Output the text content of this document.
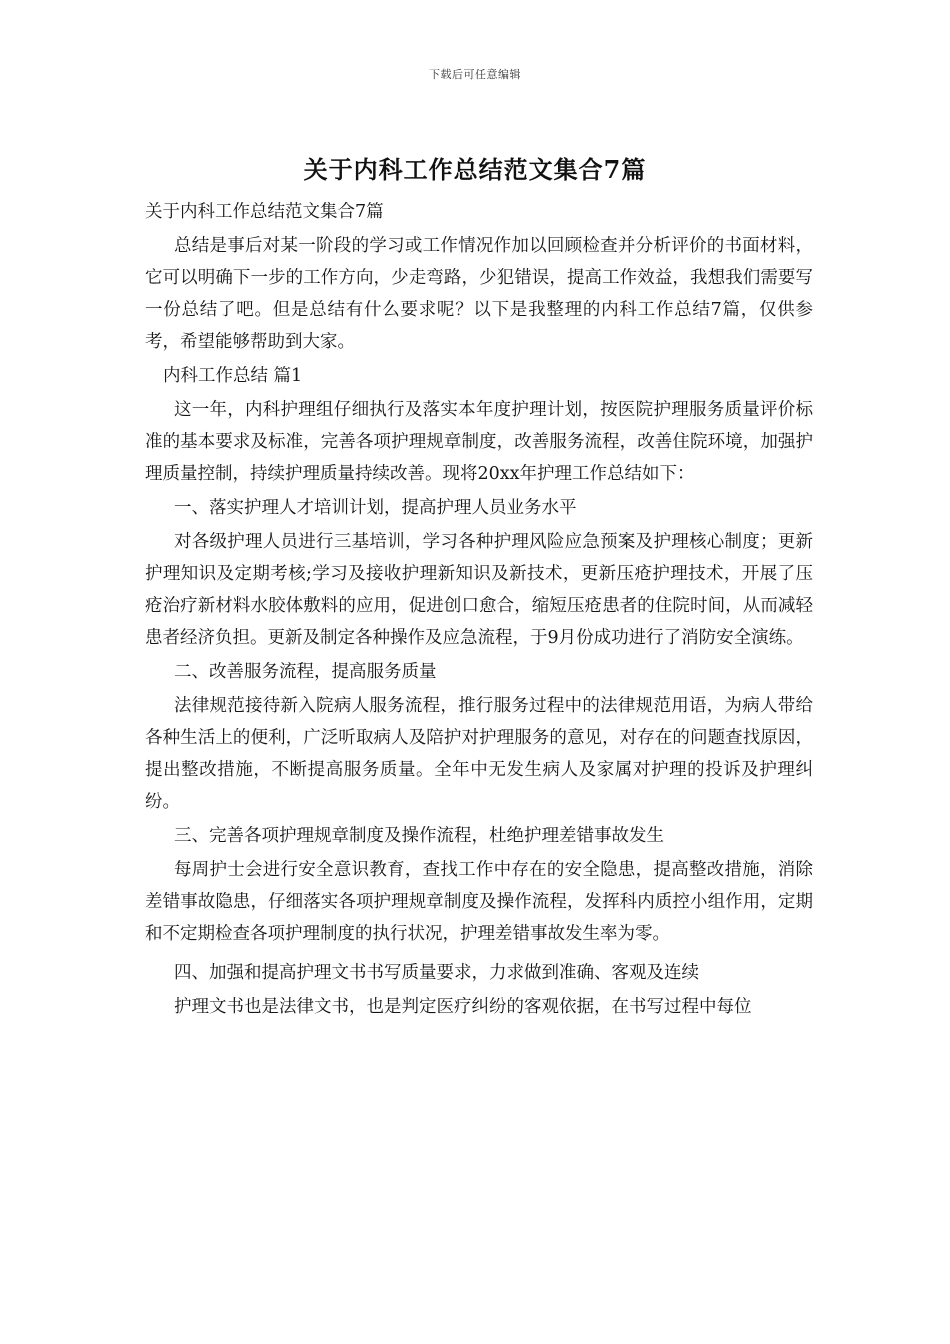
下载后可任意编辑
关于内科工作总结范文集合7篇

关于内科工作总结范文集合7篇

总结是事后对某一阶段的学习或工作情况作加以回顾检查并分析评价的书面材料，它可以明确下一步的工作方向，少走弯路，少犯错误，提高工作效益，我想我们需要写一份总结了吧。但是总结有什么要求呢？以下是我整理的内科工作总结7篇，仅供参考，希望能够帮助到大家。

内科工作总结 篇1

这一年，内科护理组仔细执行及落实本年度护理计划，按医院护理服务质量评价标准的基本要求及标准，完善各项护理规章制度，改善服务流程，改善住院环境，加强护理质量控制，持续护理质量持续改善。现将20xx年护理工作总结如下：

一、落实护理人才培训计划，提高护理人员业务水平

对各级护理人员进行三基培训，学习各种护理风险应急预案及护理核心制度；更新护理知识及定期考核;学习及接收护理新知识及新技术，更新压疮护理技术，开展了压疮治疗新材料水胶体敷料的应用，促进创口愈合，缩短压疮患者的住院时间，从而减轻患者经济负担。更新及制定各种操作及应急流程，于9月份成功进行了消防安全演练。

二、改善服务流程，提高服务质量

法律规范接待新入院病人服务流程，推行服务过程中的法律规范用语，为病人带给各种生活上的便利，广泛听取病人及陪护对护理服务的意见，对存在的问题查找原因，提出整改措施，不断提高服务质量。全年中无发生病人及家属对护理的投诉及护理纠纷。

三、完善各项护理规章制度及操作流程，杜绝护理差错事故发生

每周护士会进行安全意识教育，查找工作中存在的安全隐患，提高整改措施，消除差错事故隐患，仔细落实各项护理规章制度及操作流程，发挥科内质控小组作用，定期和不定期检查各项护理制度的执行状况，护理差错事故发生率为零。

四、加强和提高护理文书书写质量要求，力求做到准确、客观及连续

护理文书也是法律文书，也是判定医疗纠纷的客观依据，在书写过程中每位
